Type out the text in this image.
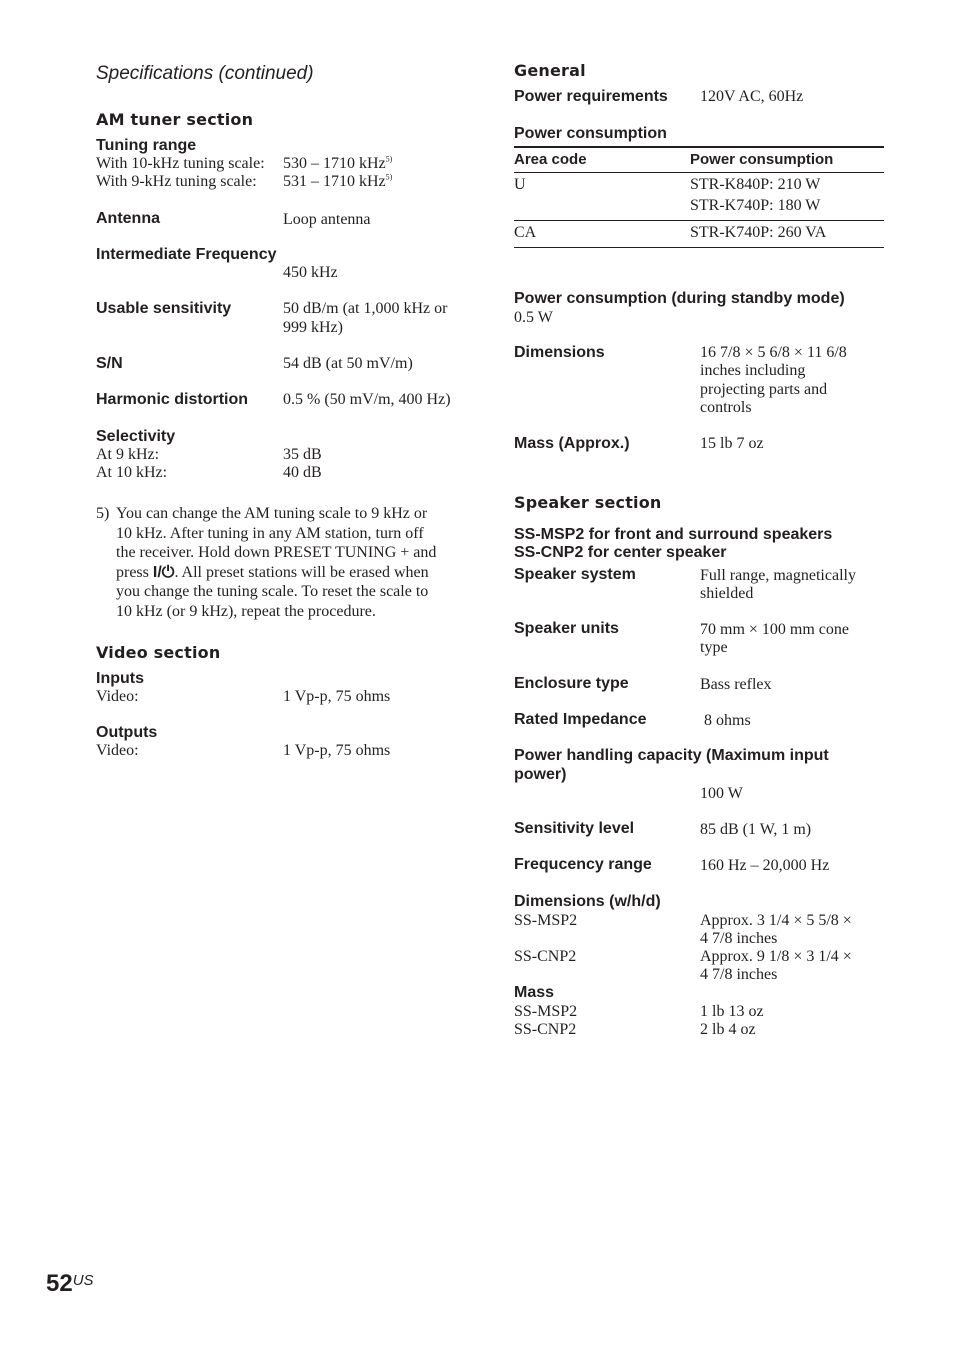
Specifications (continued)
AM tuner section
Tuning range
With 10-kHz tuning scale: 530 – 1710 kHz$^{5)}$
With 9-kHz tuning scale: 531 – 1710 kHz$^{5)}$
Antenna	Loop antenna
Intermediate Frequency
450 kHz
Usable sensitivity	50 dB/m (at 1,000 kHz or
999 kHz)
S/N	54 dB (at 50 mV/m)
Harmonic distortion 0.5 % (50 mV/m, 400 Hz)
Selectivity
At 9 kHz:	35 dB
At 10 kHz:	40 dB
5) You can change the AM tuning scale to 9 kHz or
10 kHz. After tuning in any AM station, turn off
the receiver. Hold down PRESET TUNING + and
press I/⏻. All preset stations will be erased when
you change the tuning scale. To reset the scale to
10 kHz (or 9 kHz), repeat the procedure.
Video section
Inputs
Video:	1 Vp-p, 75 ohms
Outputs
Video:	1 Vp-p, 75 ohms
General
Power requirements 120V AC, 60Hz
Power consumption
Area code	Power consumption
U	STR-K840P: 210 W
STR-K740P: 180 W
CA	STR-K740P: 260 VA
Power consumption (during standby mode)
0.5 W
Dimensions	16 7/8 × 5 6/8 × 11 6/8
inches including
projecting parts and
controls
Mass (Approx.)	15 lb 7 oz
Speaker section
SS-MSP2 for front and surround speakers
SS-CNP2 for center speaker
Speaker system	Full range, magnetically
shielded
Speaker units	70 mm × 100 mm cone
type
Enclosure type	Bass reflex
Rated Impedance	8 ohms
Power handling capacity (Maximum input
power)
100 W
Sensitivity level	85 dB (1 W, 1 m)
Frequcency range	160 Hz – 20,000 Hz
Dimensions (w/h/d)
SS-MSP2	Approx. 3 1/4 × 5 5/8 ×
4 7/8 inches
SS-CNP2	Approx. 9 1/8 × 3 1/4 ×
4 7/8 inches
Mass
SS-MSP2	1 lb 13 oz
SS-CNP2	2 lb 4 oz
52US
